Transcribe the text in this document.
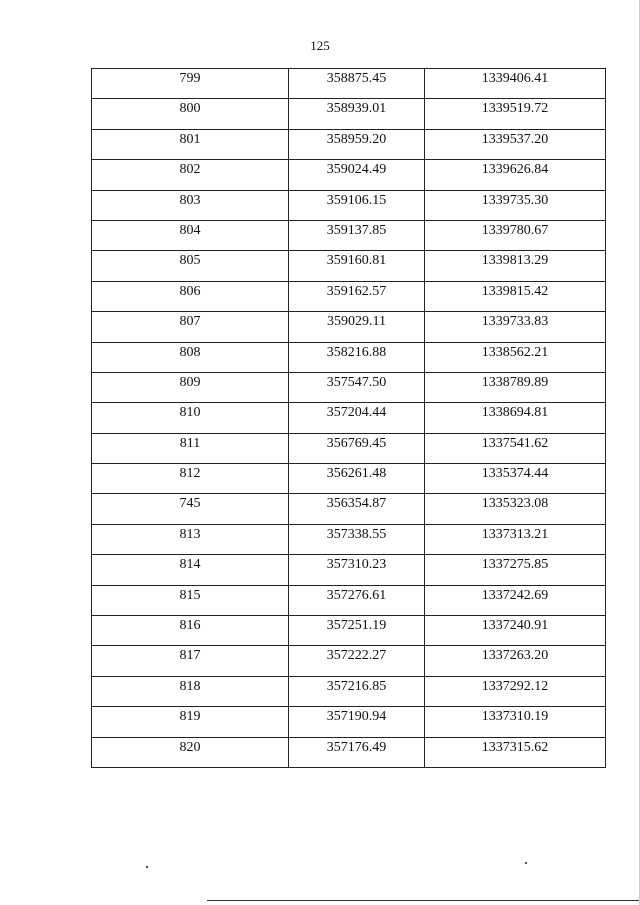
125
799	358875.45	1339406.41
800	358939.01	1339519.72
801	358959.20	1339537.20
802	359024.49	1339626.84
803	359106.15	1339735.30
804	359137.85	1339780.67
805	359160.81	1339813.29
806	359162.57	1339815.42
807	359029.11	1339733.83
808	358216.88	1338562.21
809	357547.50	1338789.89
810	357204.44	1338694.81
811	356769.45	1337541.62
812	356261.48	1335374.44
745	356354.87	1335323.08
813	357338.55	1337313.21
814	357310.23	1337275.85
815	357276.61	1337242.69
816	357251.19	1337240.91
817	357222.27	1337263.20
818	357216.85	1337292.12
819	357190.94	1337310.19
820	357176.49	1337315.62
